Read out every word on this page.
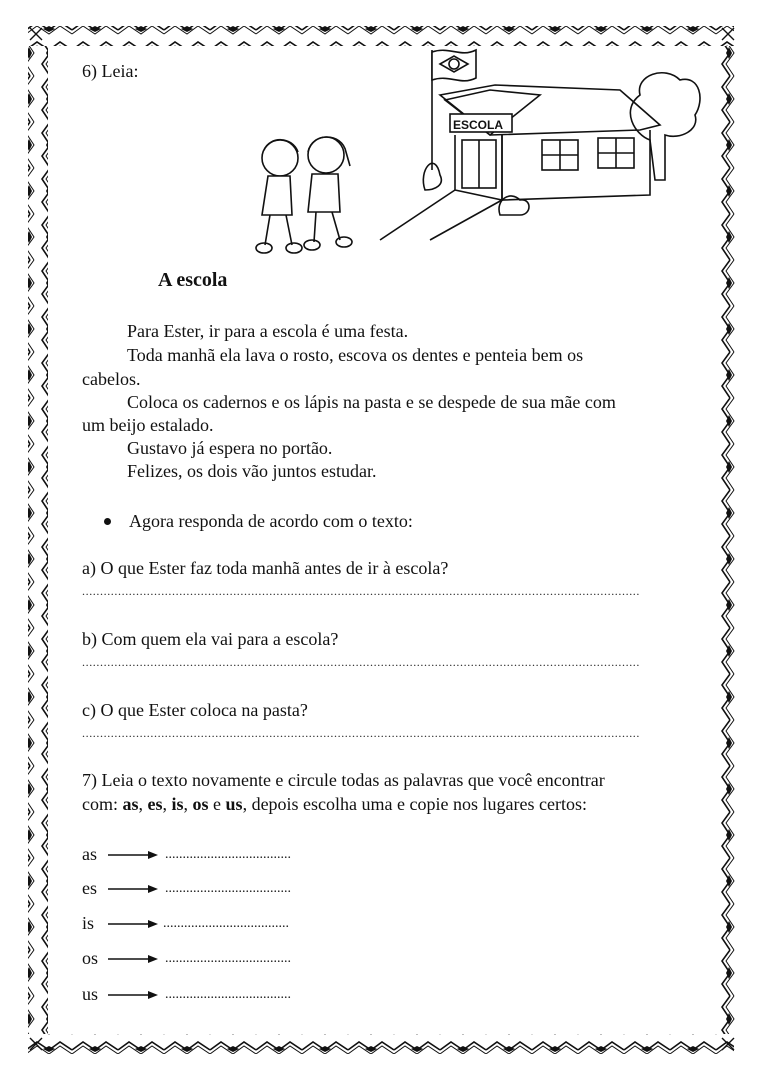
ESCOLA
6) Leia:
A escola
Para Ester, ir para a escola é uma festa.
Toda manhã ela lava o rosto, escova os dentes e penteia bem os
cabelos.
Coloca os cadernos e os lápis na pasta e se despede de sua mãe com
um beijo estalado.
Gustavo já espera no portão.
Felizes, os dois vão juntos estudar.
Agora responda de acordo com o texto:
a) O que Ester faz toda manhã antes de ir à escola?
...........................................................................................................................................................
b) Com quem ela vai para a escola?
...........................................................................................................................................................
c) O que Ester coloca na pasta?
...........................................................................................................................................................
7) Leia o texto novamente e circule todas as palavras que você encontrar
com: as, es, is, os e us, depois escolha uma e copie nos lugares certos:
as	....................................
es	....................................
is	....................................
os	....................................
us	....................................
